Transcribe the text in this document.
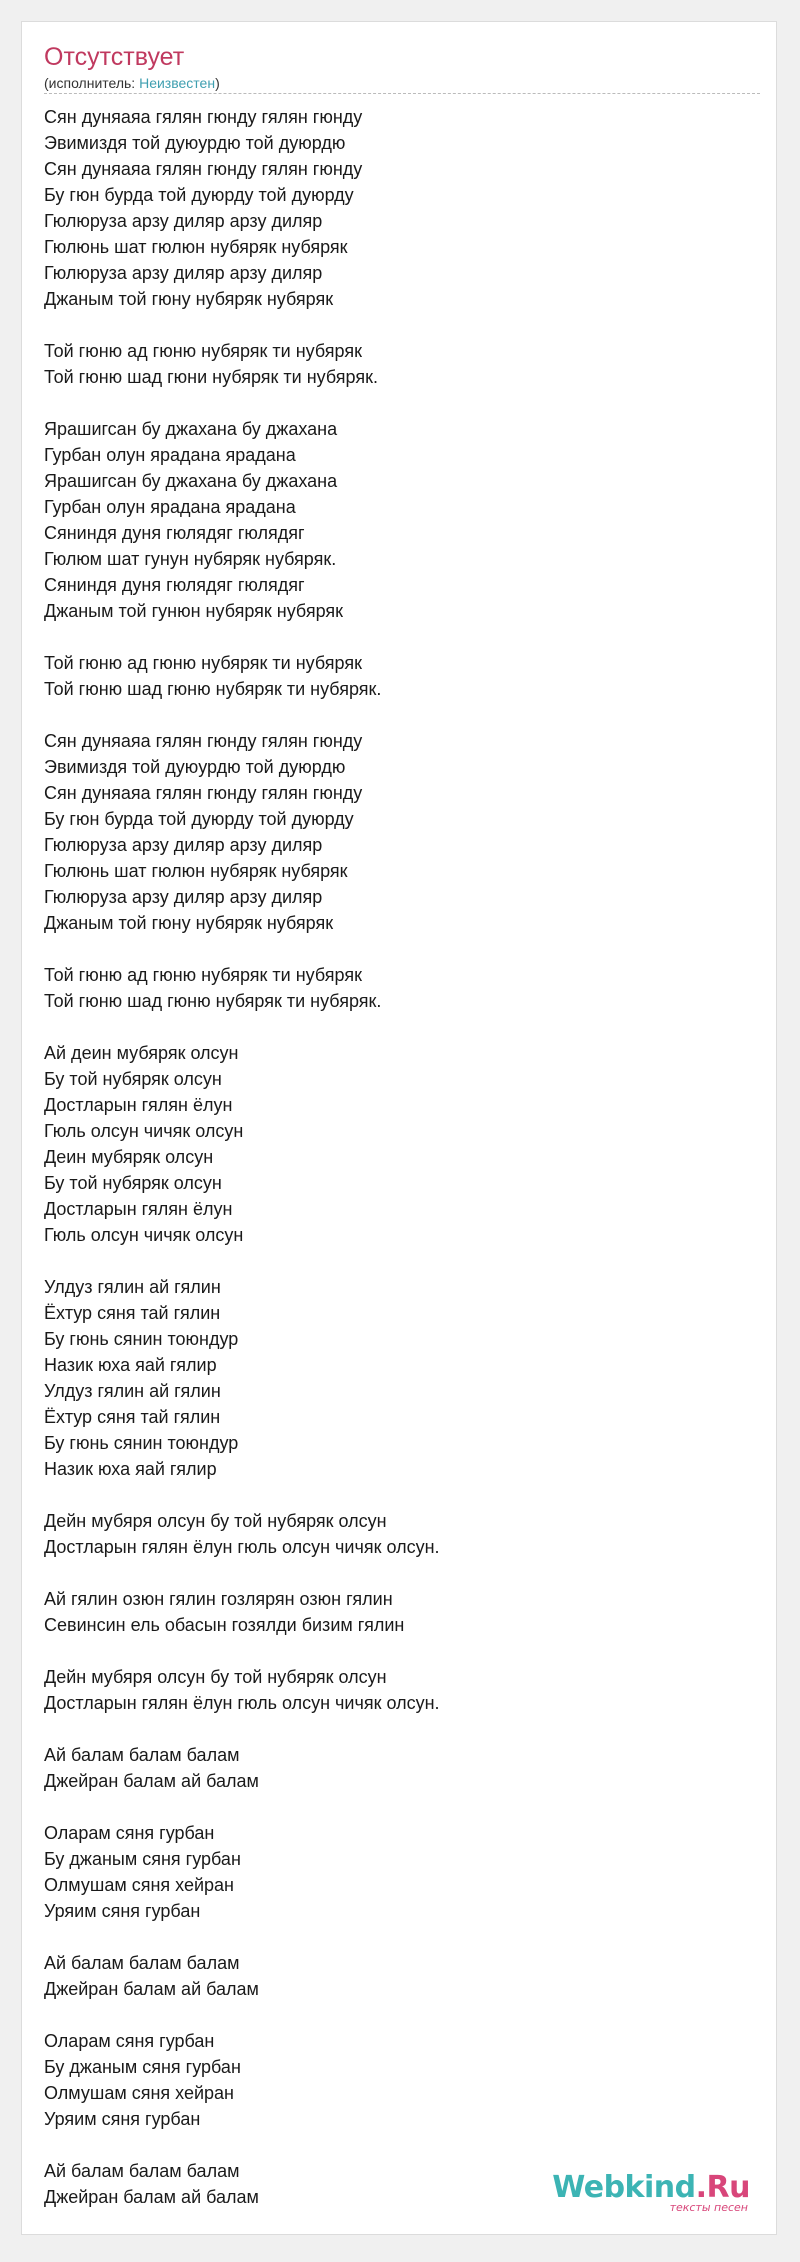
Отсутствует
(исполнитель: Неизвестен)
Сян дуняаяа гялян гюнду гялян гюнду
Эвимиздя той дуюурдю той дуюрдю
Сян дуняаяа гялян гюнду гялян гюнду
Бу гюн бурда той дуюрду той дуюрду
Гюлюруза арзу диляр арзу диляр
Гюлюнь шат гюлюн нубяряк нубяряк
Гюлюруза арзу диляр арзу диляр
Джаным той гюну нубяряк нубяряк

Той гюню ад гюню нубяряк ти нубяряк
Той гюню шад гюни нубяряк ти нубяряк.

Ярашигсан бу джахана бу джахана
Гурбан олун ярадана ярадана
Ярашигсан бу джахана бу джахана
Гурбан олун ярадана ярадана
Сяниндя дуня гюлядяг гюлядяг
Гюлюм шат гунун нубяряк нубяряк.
Сяниндя дуня гюлядяг гюлядяг
Джаным той гунюн нубяряк нубяряк

Той гюню ад гюню нубяряк ти нубяряк
Той гюню шад гюню нубяряк ти нубяряк.

Сян дуняаяа гялян гюнду гялян гюнду
Эвимиздя той дуюурдю той дуюрдю
Сян дуняаяа гялян гюнду гялян гюнду
Бу гюн бурда той дуюрду той дуюрду
Гюлюруза арзу диляр арзу диляр
Гюлюнь шат гюлюн нубяряк нубяряк
Гюлюруза арзу диляр арзу диляр
Джаным той гюну нубяряк нубяряк

Той гюню ад гюню нубяряк ти нубяряк
Той гюню шад гюню нубяряк ти нубяряк.

Ай деин мубяряк олсун
Бу той нубяряк олсун
Достларын гялян ёлун
Гюль олсун чичяк олсун
Деин мубяряк олсун
Бу той нубяряк олсун
Достларын гялян ёлун
Гюль олсун чичяк олсун

Улдуз гялин ай гялин
Ёхтур сяня тай гялин
Бу гюнь сянин тоюндур
Назик юха яай гялир
Улдуз гялин ай гялин
Ёхтур сяня тай гялин
Бу гюнь сянин тоюндур
Назик юха яай гялир

Дейн мубяря олсун бу той нубяряк олсун
Достларын гялян ёлун гюль олсун чичяк олсун.

Ай гялин озюн гялин гозлярян озюн гялин
Севинсин ель обасын гозялди бизим гялин

Дейн мубяря олсун бу той нубяряк олсун
Достларын гялян ёлун гюль олсун чичяк олсун.

Ай балам балам балам
Джейран балам ай балам

Оларам сяня гурбан
Бу джаным сяня гурбан
Олмушам сяня хейран
Уряим сяня гурбан

Ай балам балам балам
Джейран балам ай балам

Оларам сяня гурбан
Бу джаным сяня гурбан
Олмушам сяня хейран
Уряим сяня гурбан

Ай балам балам балам
Джейран балам ай балам	Webkind.Ru
тексты песен
